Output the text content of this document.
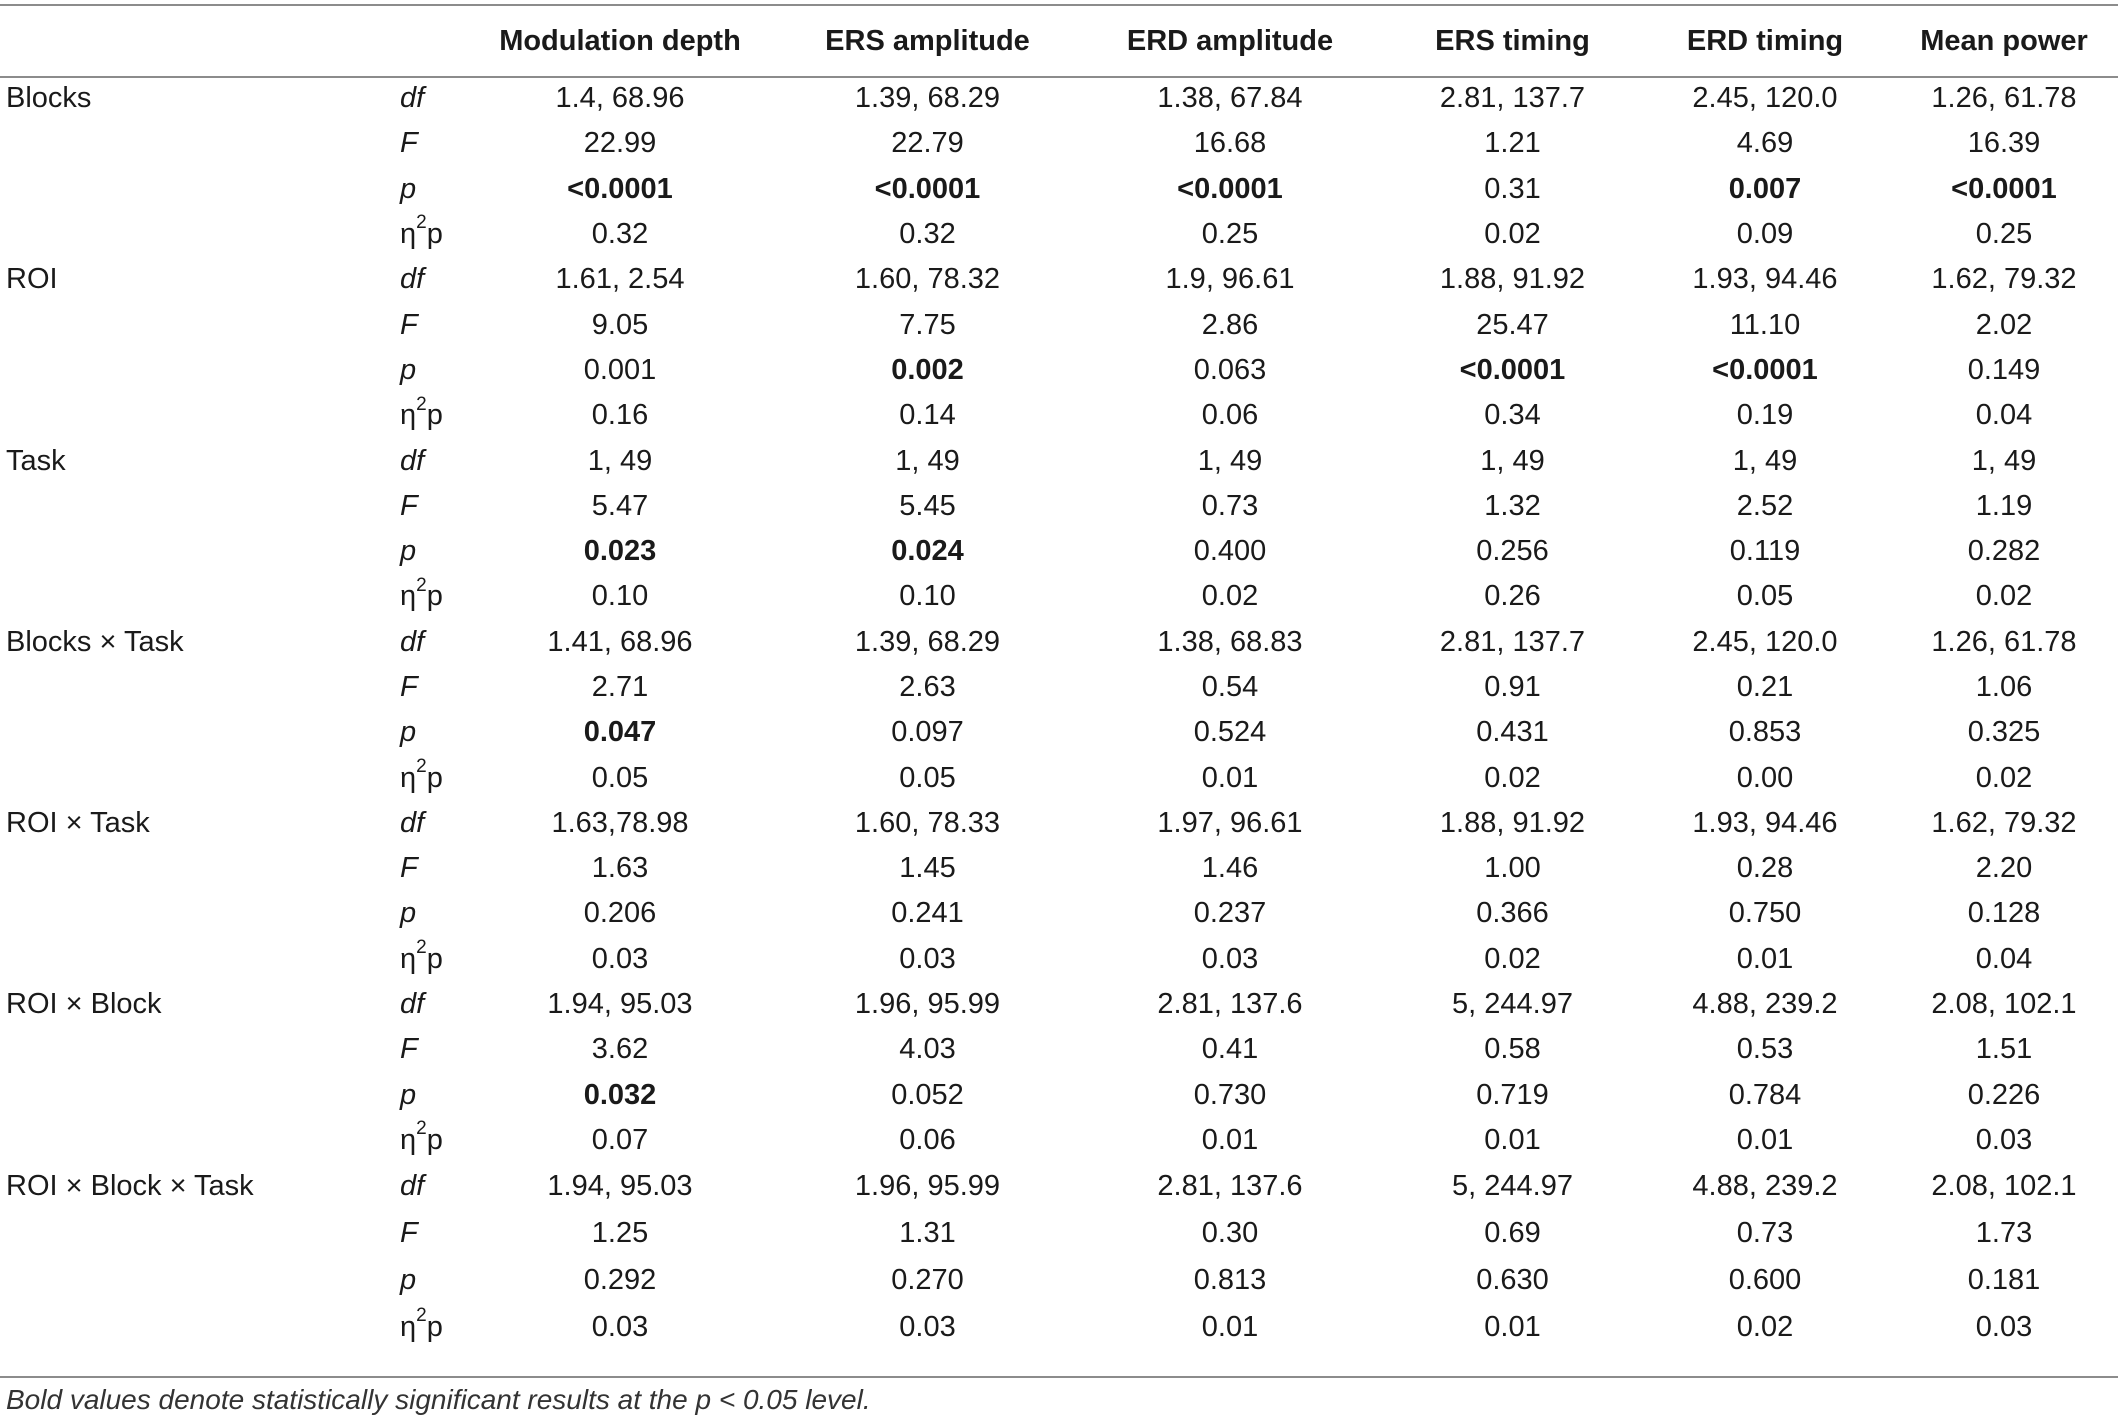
		Modulation depth	ERS amplitude	ERD amplitude	ERS timing	ERD timing	Mean power
Blocks	df	1.4, 68.96	1.39, 68.29	1.38, 67.84	2.81, 137.7	2.45, 120.0	1.26, 61.78
	F	22.99	22.79	16.68	1.21	4.69	16.39
	p	<0.0001	<0.0001	<0.0001	0.31	0.007	<0.0001
	$\eta^2p$	0.32	0.32	0.25	0.02	0.09	0.25
ROI	df	1.61, 2.54	1.60, 78.32	1.9, 96.61	1.88, 91.92	1.93, 94.46	1.62, 79.32
	F	9.05	7.75	2.86	25.47	11.10	2.02
	p	0.001	0.002	0.063	<0.0001	<0.0001	0.149
	$\eta^2p$	0.16	0.14	0.06	0.34	0.19	0.04
Task	df	1, 49	1, 49	1, 49	1, 49	1, 49	1, 49
	F	5.47	5.45	0.73	1.32	2.52	1.19
	p	0.023	0.024	0.400	0.256	0.119	0.282
	$\eta^2p$	0.10	0.10	0.02	0.26	0.05	0.02
Blocks × Task	df	1.41, 68.96	1.39, 68.29	1.38, 68.83	2.81, 137.7	2.45, 120.0	1.26, 61.78
	F	2.71	2.63	0.54	0.91	0.21	1.06
	p	0.047	0.097	0.524	0.431	0.853	0.325
	$\eta^2p$	0.05	0.05	0.01	0.02	0.00	0.02
ROI × Task	df	1.63,78.98	1.60, 78.33	1.97, 96.61	1.88, 91.92	1.93, 94.46	1.62, 79.32
	F	1.63	1.45	1.46	1.00	0.28	2.20
	p	0.206	0.241	0.237	0.366	0.750	0.128
	$\eta^2p$	0.03	0.03	0.03	0.02	0.01	0.04
ROI × Block	df	1.94, 95.03	1.96, 95.99	2.81, 137.6	5, 244.97	4.88, 239.2	2.08, 102.1
	F	3.62	4.03	0.41	0.58	0.53	1.51
	p	0.032	0.052	0.730	0.719	0.784	0.226
	$\eta^2p$	0.07	0.06	0.01	0.01	0.01	0.03
ROI × Block × Task	df	1.94, 95.03	1.96, 95.99	2.81, 137.6	5, 244.97	4.88, 239.2	2.08, 102.1
	F	1.25	1.31	0.30	0.69	0.73	1.73
	p	0.292	0.270	0.813	0.630	0.600	0.181
	$\eta^2p$	0.03	0.03	0.01	0.01	0.02	0.03
Bold values denote statistically significant results at the p < 0.05 level.
